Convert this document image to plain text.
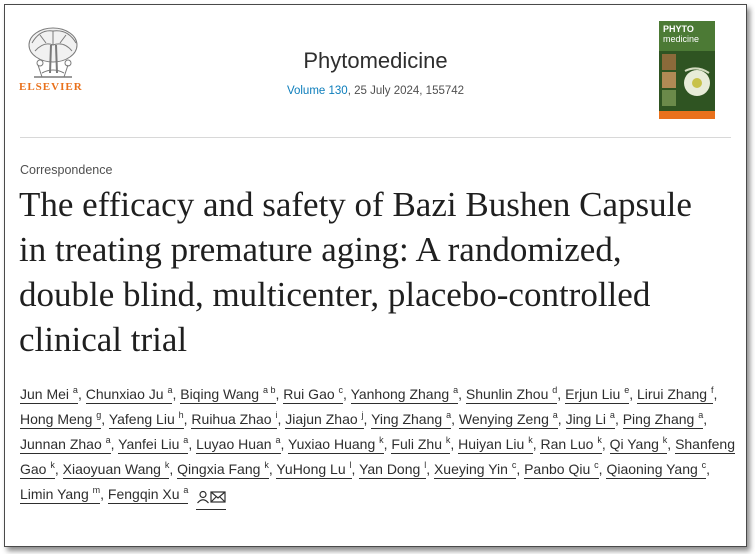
ELSEVIER
Phytomedicine
Volume 130, 25 July 2024, 155742
PHYTO
medicine
Correspondence
The efficacy and safety of Bazi Bushen Capsule in treating premature aging: A randomized, double blind, multicenter, placebo-controlled clinical trial
Jun Mei $^a$, Chunxiao Ju $^a$, Biqing Wang $^{a b}$, Rui Gao $^c$, Yanhong Zhang $^a$, Shunlin Zhou $^d$, Erjun Liu $^e$, Lirui Zhang $^f$, Hong Meng $^g$, Yafeng Liu $^h$, Ruihua Zhao $^i$, Jiajun Zhao $^j$, Ying Zhang $^a$, Wenying Zeng $^a$, Jing Li $^a$, Ping Zhang $^a$, Junnan Zhao $^a$, Yanfei Liu $^a$, Luyao Huan $^a$, Yuxiao Huang $^k$, Fuli Zhu $^k$, Huiyan Liu $^k$, Ran Luo $^k$, Qi Yang $^k$, Shanfeng Gao $^k$, Xiaoyuan Wang $^k$, Qingxia Fang $^k$, YuHong Lu $^l$, Yan Dong $^l$, Xueying Yin $^c$, Panbo Qiu $^c$, Qiaoning Yang $^c$, Limin Yang $^m$, Fengqin Xu $^a$
